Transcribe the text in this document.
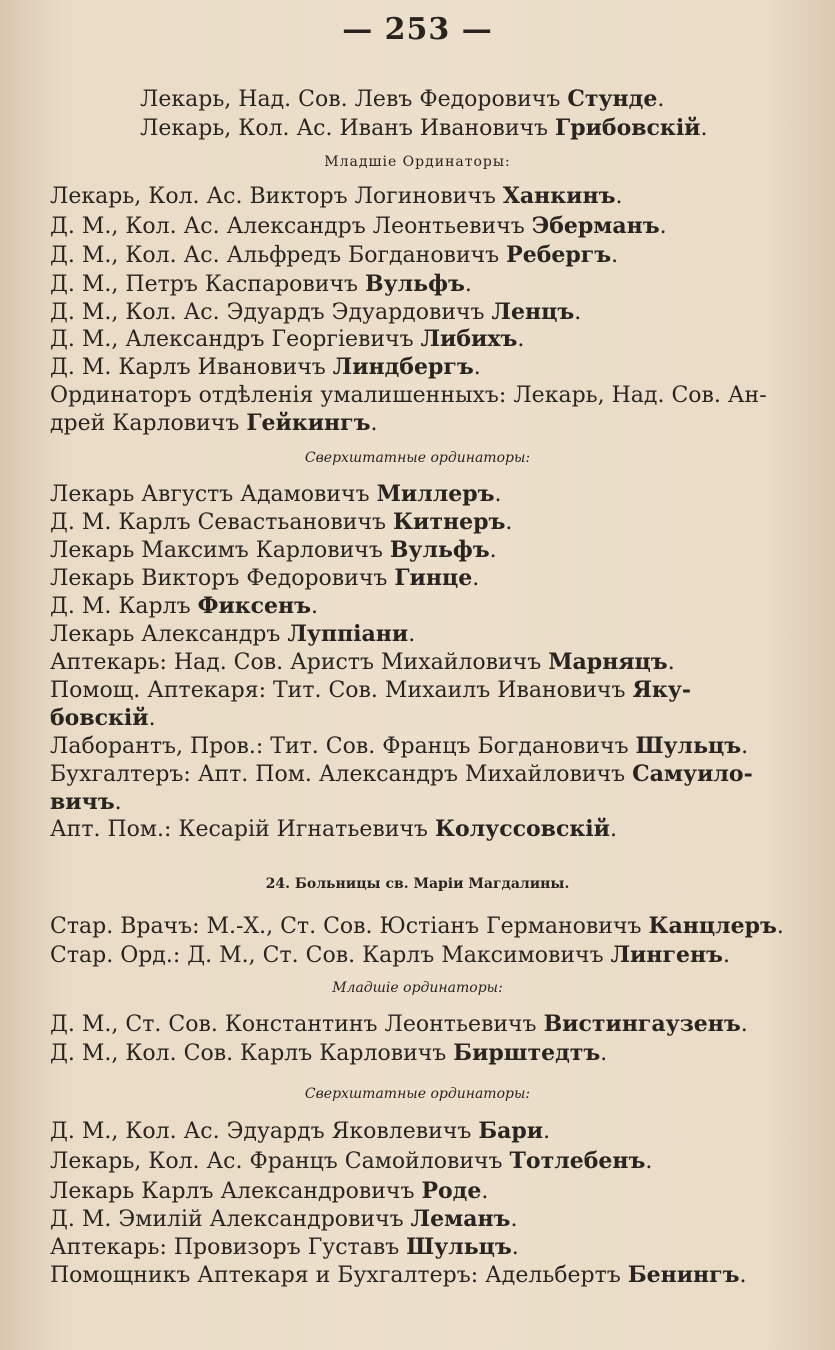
— 253 —
Лекарь, Над. Сов. Левъ Федоровичъ Стунде.
Лекарь, Кол. Ас. Иванъ Ивановичъ Грибовскій.
Младшіе Ординаторы:
Лекарь, Кол. Ас. Викторъ Логиновичъ Ханкинъ.
Д. М., Кол. Ас. Александръ Леонтьевичъ Эберманъ.
Д. М., Кол. Ас. Альфредъ Богдановичъ Ребергъ.
Д. М., Петръ Каспаровичъ Вульфъ.
Д. М., Кол. Ас. Эдуардъ Эдуардовичъ Ленцъ.
Д. М., Александръ Георгіевичъ Либихъ.
Д. М. Карлъ Ивановичъ Линдбергъ.
Ординаторъ отдѣленія умалишенныхъ: Лекарь, Над. Сов. Ан-
дрей Карловичъ Гейкингъ.
Сверхштатные ординаторы:
Лекарь Августъ Адамовичъ Миллеръ.
Д. М. Карлъ Севастьановичъ Китнеръ.
Лекарь Максимъ Карловичъ Вульфъ.
Лекарь Викторъ Федоровичъ Гинце.
Д. М. Карлъ Фиксенъ.
Лекарь Александръ Луппіани.
Аптекарь: Над. Сов. Аристъ Михайловичъ Марняцъ.
Помощ. Аптекаря: Тит. Сов. Михаилъ Ивановичъ Яку-
бовскій.
Лаборантъ, Пров.: Тит. Сов. Францъ Богдановичъ Шульцъ.
Бухгалтеръ: Апт. Пом. Александръ Михайловичъ Самуило-
вичъ.
Апт. Пом.: Кесарій Игнатьевичъ Колуссовскій.
24. Больницы св. Маріи Магдалины.
Стар. Врачъ: М.-Х., Ст. Сов. Юстіанъ Германовичъ Канцлеръ.
Стар. Орд.: Д. М., Ст. Сов. Карлъ Максимовичъ Лингенъ.
Младшіе ординаторы:
Д. М., Ст. Сов. Константинъ Леонтьевичъ Вистингаузенъ.
Д. М., Кол. Сов. Карлъ Карловичъ Бирштедтъ.
Сверхштатные ординаторы:
Д. М., Кол. Ас. Эдуардъ Яковлевичъ Бари.
Лекарь, Кол. Ас. Францъ Самойловичъ Тотлебенъ.
Лекарь Карлъ Александровичъ Роде.
Д. М. Эмилій Александровичъ Леманъ.
Аптекарь: Провизоръ Густавъ Шульцъ.
Помощникъ Аптекаря и Бухгалтеръ: Адельбертъ Бенингъ.
